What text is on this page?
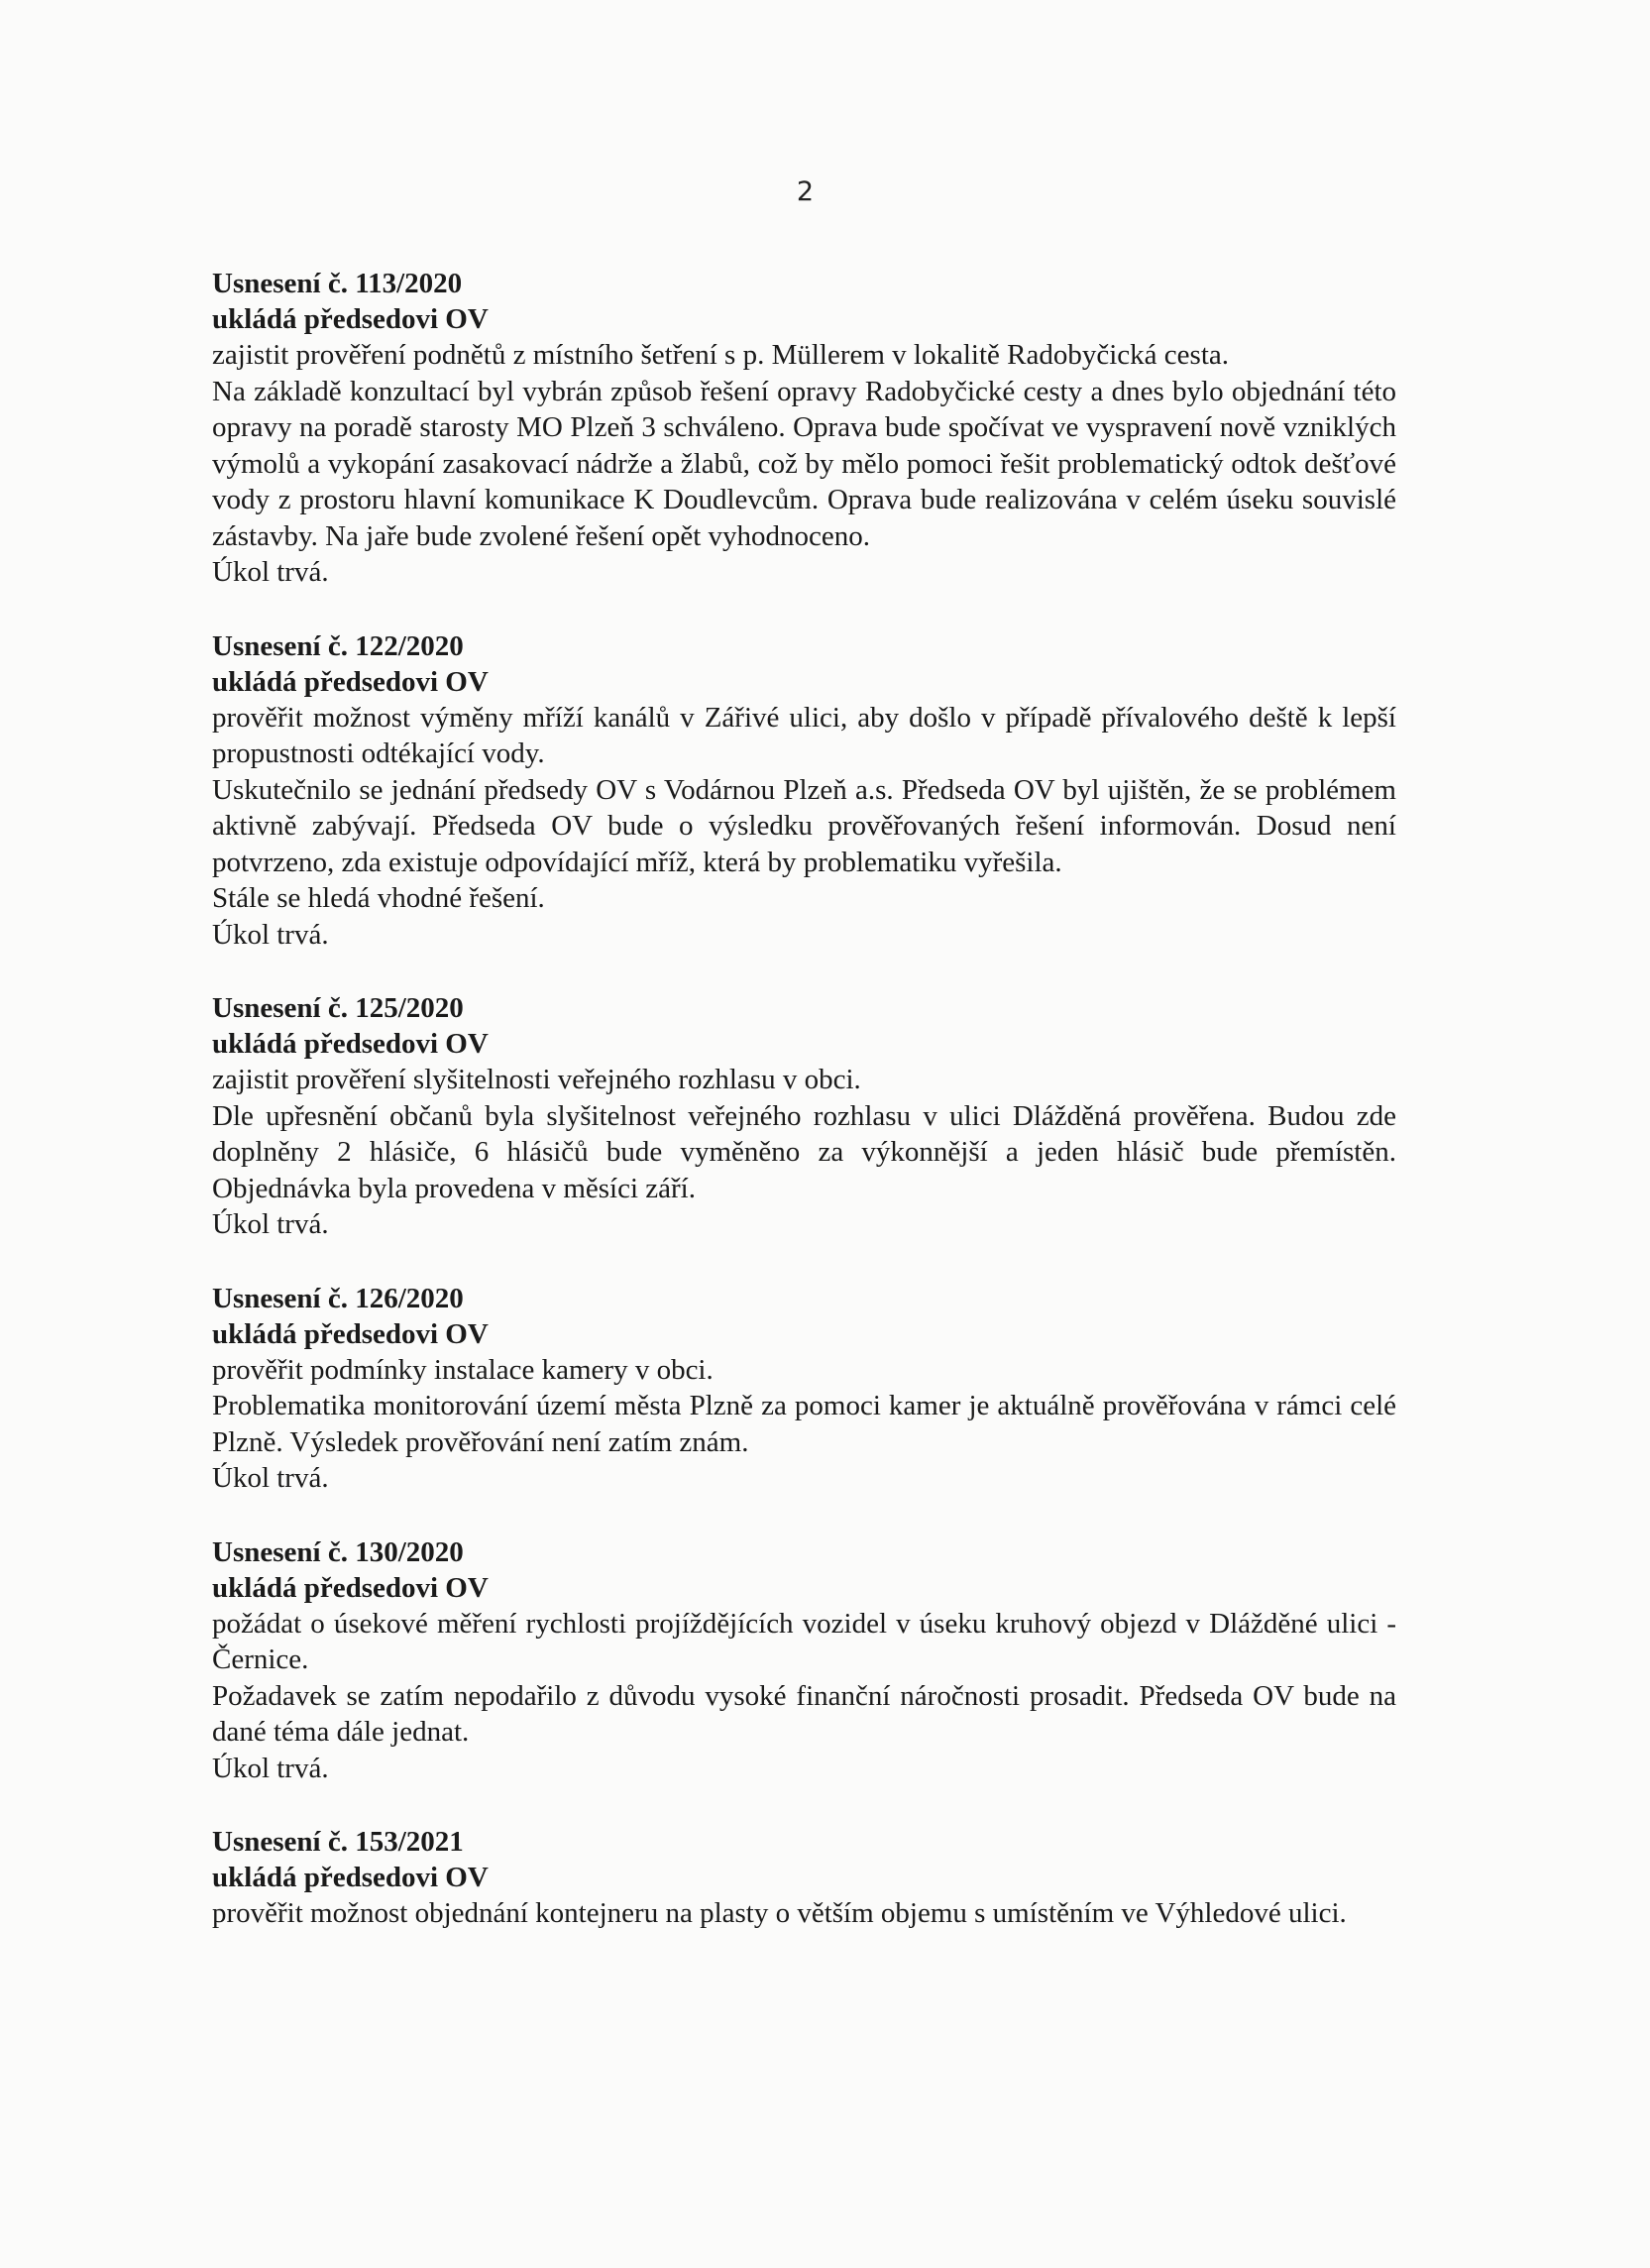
2

Usnesení č. 113/2020

ukládá předsedovi OV

zajistit prověření podnětů z místního šetření s p. Müllerem v lokalitě Radobyčická cesta.

Na základě konzultací byl vybrán způsob řešení opravy Radobyčické cesty a dnes bylo objednání této opravy na poradě starosty MO Plzeň 3 schváleno. Oprava bude spočívat ve vyspravení nově vzniklých výmolů a vykopání zasakovací nádrže a žlabů, což by mělo pomoci řešit problematický odtok dešťové vody z prostoru hlavní komunikace K Doudlevcům. Oprava bude realizována v celém úseku souvislé zástavby. Na jaře bude zvolené řešení opět vyhodnoceno.

Úkol trvá.

Usnesení č. 122/2020

ukládá předsedovi OV

prověřit možnost výměny mříží kanálů v Zářivé ulici, aby došlo v případě přívalového deště k lepší propustnosti odtékající vody.

Uskutečnilo se jednání předsedy OV s Vodárnou Plzeň a.s. Předseda OV byl ujištěn, že se problémem aktivně zabývají. Předseda OV bude o výsledku prověřovaných řešení informován. Dosud není potvrzeno, zda existuje odpovídající mříž, která by problematiku vyřešila.

Stále se hledá vhodné řešení.

Úkol trvá.

Usnesení č. 125/2020

ukládá předsedovi OV

zajistit prověření slyšitelnosti veřejného rozhlasu v obci.

Dle upřesnění občanů byla slyšitelnost veřejného rozhlasu v ulici Dlážděná prověřena. Budou zde doplněny 2 hlásiče, 6 hlásičů bude vyměněno za výkonnější a jeden hlásič bude přemístěn. Objednávka byla provedena v měsíci září.

Úkol trvá.

Usnesení č. 126/2020

ukládá předsedovi OV

prověřit podmínky instalace kamery v obci.

Problematika monitorování území města Plzně za pomoci kamer je aktuálně prověřována v rámci celé Plzně. Výsledek prověřování není zatím znám.

Úkol trvá.

Usnesení č. 130/2020

ukládá předsedovi OV

požádat o úsekové měření rychlosti projíždějících vozidel v úseku kruhový objezd v Dlážděné ulici - Černice.

Požadavek se zatím nepodařilo z důvodu vysoké finanční náročnosti prosadit. Předseda OV bude na dané téma dále jednat.

Úkol trvá.

Usnesení č. 153/2021

ukládá předsedovi OV

prověřit možnost objednání kontejneru na plasty o větším objemu s umístěním ve Výhledové ulici.
